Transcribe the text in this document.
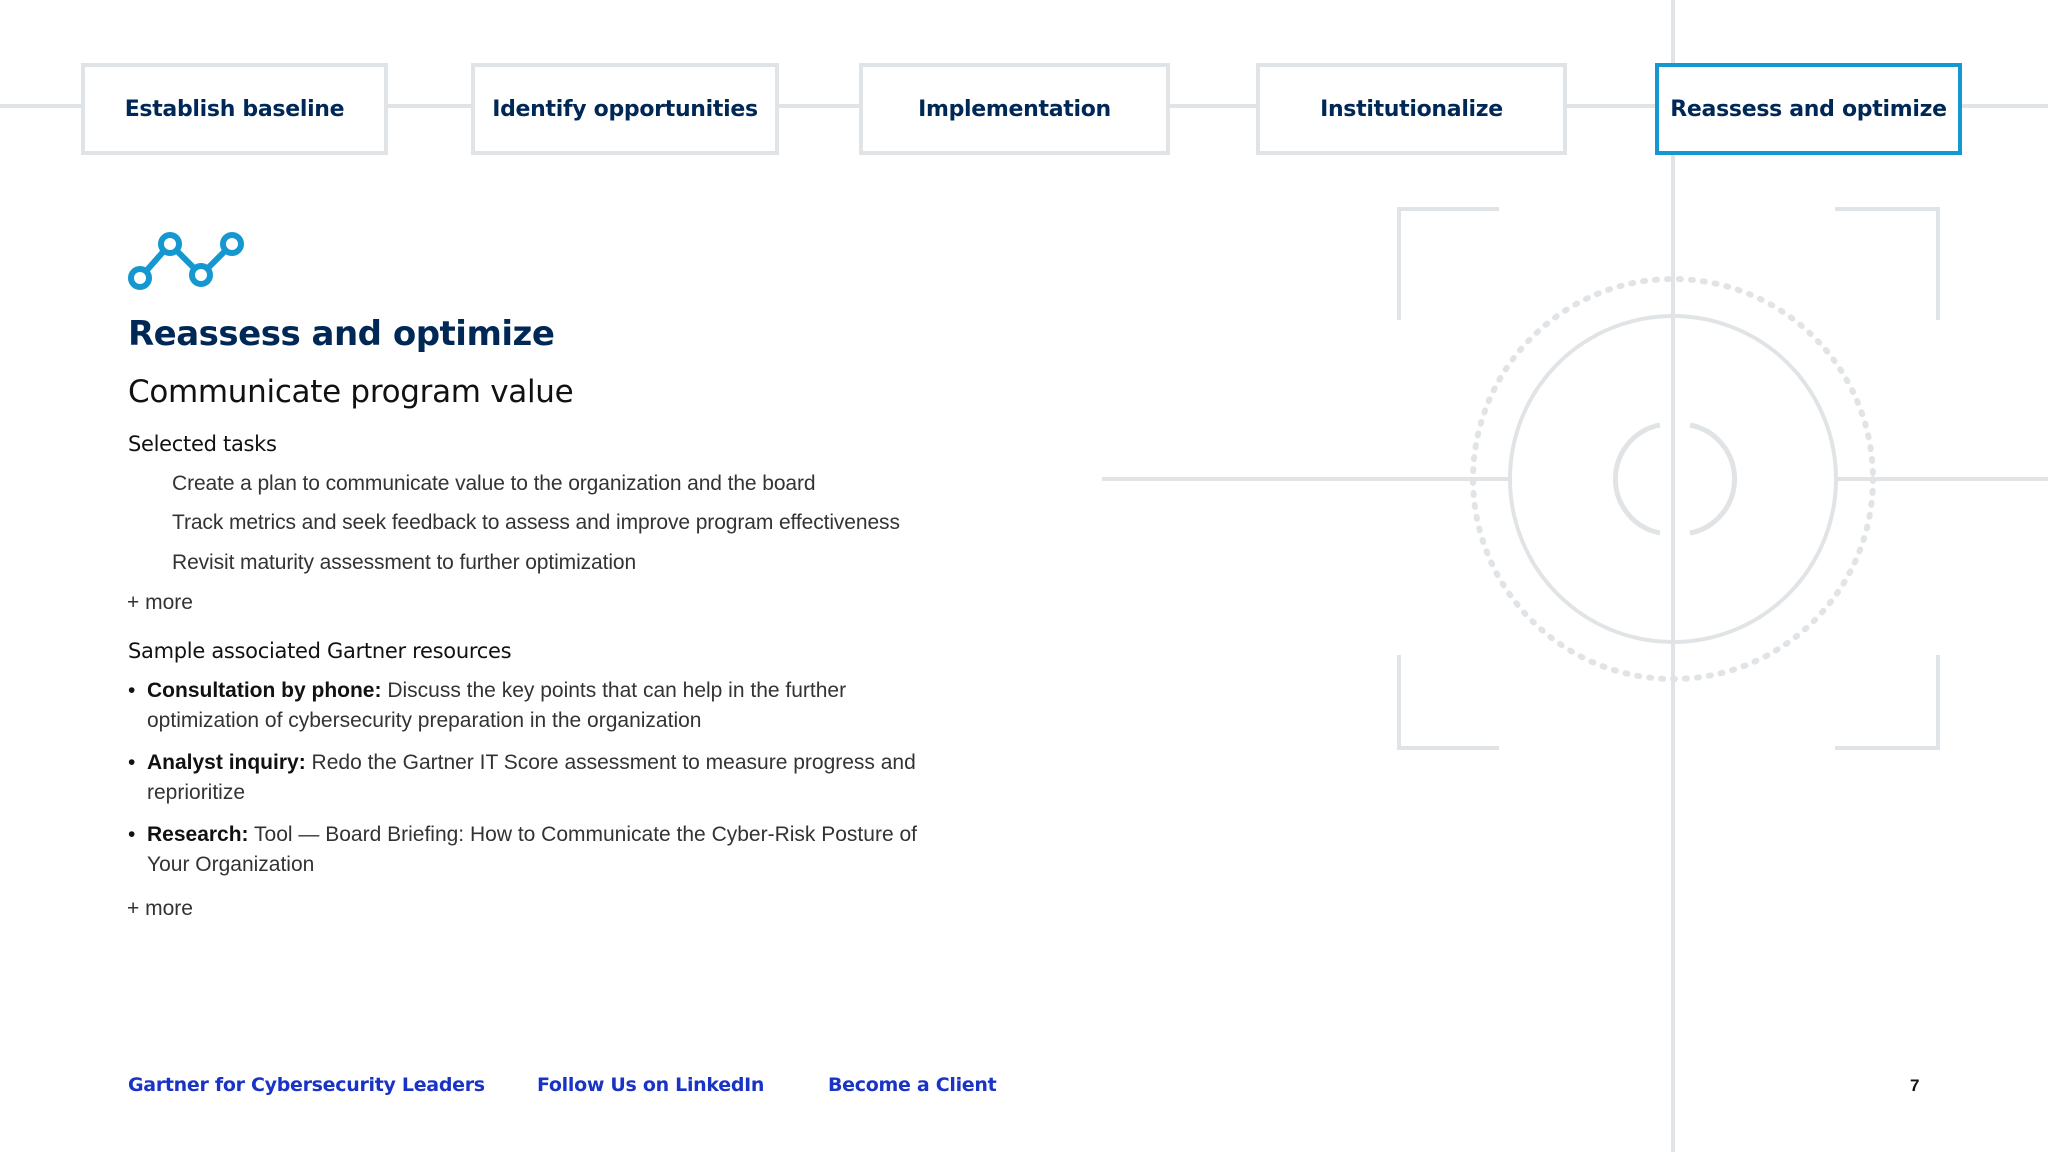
Establish baseline	Identify opportunities	Implementation	Institutionalize	Reassess and optimize
Reassess and optimize
Communicate program value
Selected tasks
Create a plan to communicate value to the organization and the board
Track metrics and seek feedback to assess and improve program effectiveness
Revisit maturity assessment to further optimization
+ more
Sample associated Gartner resources
• Consultation by phone: Discuss the key points that can help in the further optimization of cybersecurity preparation in the organization
• Analyst inquiry: Redo the Gartner IT Score assessment to measure progress and reprioritize
• Research: Tool — Board Briefing: How to Communicate the Cyber-Risk Posture of Your Organization
+ more
Gartner for Cybersecurity Leaders	Follow Us on LinkedIn	Become a Client	7
